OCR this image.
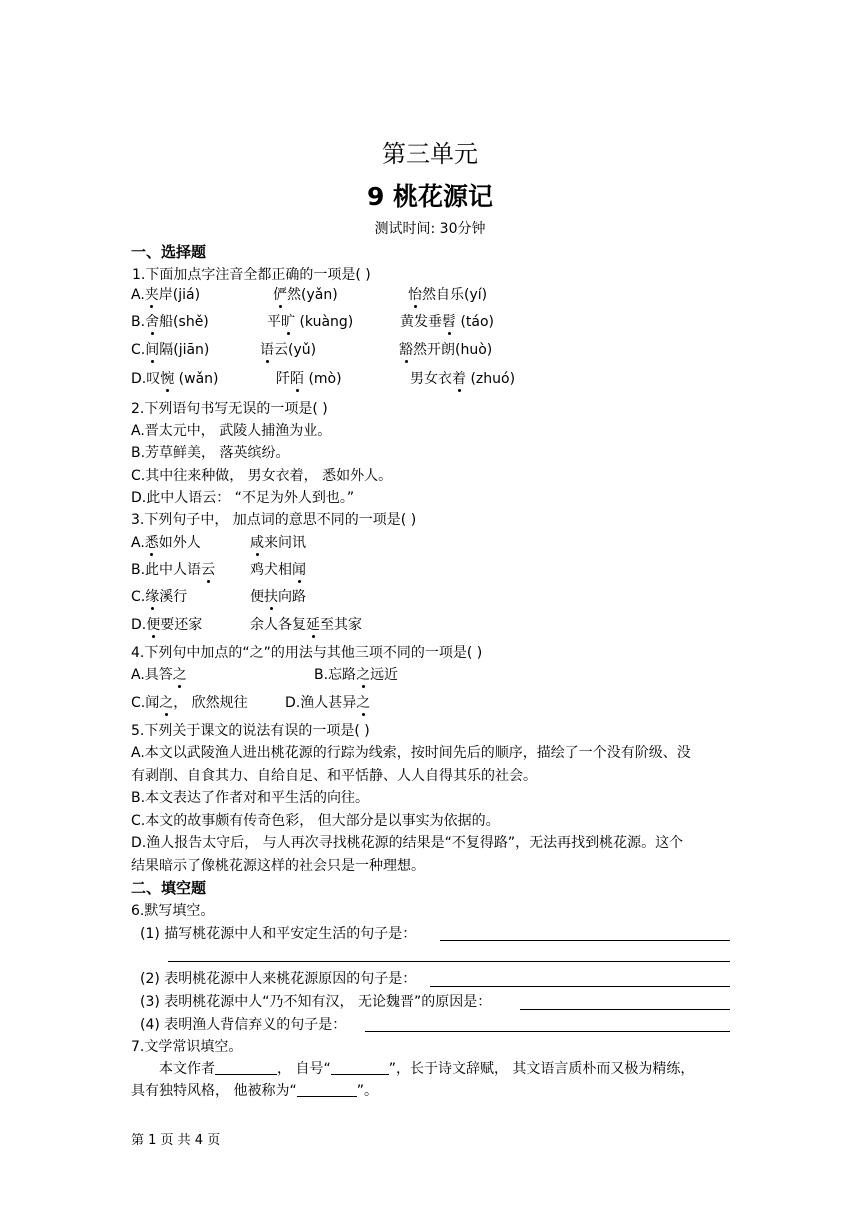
第三单元
9 桃花源记
测试时间: 30分钟
一、选择题
1.下面加点字注音全都正确的一项是( )
A.夹岸(jiá)	俨然(yǎn)	怡然自乐(yí)
B.舍船(shě)	平旷 (kuàng)	黄发垂髫 (táo)
C.间隔(jiān)	语云(yǔ)	豁然开朗(huò)
D.叹惋 (wǎn)	阡陌 (mò)	男女衣着 (zhuó)
2.下列语句书写无误的一项是( )
A.晋太元中， 武陵人捕渔为业。
B.芳草鲜美， 落英缤纷。
C.其中往来种做， 男女衣着， 悉如外人。
D.此中人语云： “不足为外人到也。”
3.下列句子中， 加点词的意思不同的一项是( )
A.悉如外人	咸来问讯
B.此中人语云 鸡犬相闻
C.缘溪行	便扶向路
D.便要还家	余人各复延至其家
4.下列句中加点的“之”的用法与其他三项不同的一项是( )
A.具答之	B.忘路之远近
C.闻之， 欣然规往	D.渔人甚异之
5.下列关于课文的说法有误的一项是( )
A.本文以武陵渔人进出桃花源的行踪为线索，按时间先后的顺序，描绘了一个没有阶级、没
有剥削、自食其力、自给自足、和平恬静、人人自得其乐的社会。
B.本文表达了作者对和平生活的向往。
C.本文的故事颇有传奇色彩， 但大部分是以事实为依据的。
D.渔人报告太守后， 与人再次寻找桃花源的结果是“不复得路”，无法再找到桃花源。这个
结果暗示了像桃花源这样的社会只是一种理想。
二、填空题
6.默写填空。
(1) 描写桃花源中人和平安定生活的句子是：
(2) 表明桃花源中人来桃花源原因的句子是：
(3) 表明桃花源中人“乃不知有汉， 无论魏晋”的原因是：
(4) 表明渔人背信弃义的句子是：
7.文学常识填空。
本文作者	， 自号“	”，长于诗文辞赋， 其文语言质朴而又极为精练，
具有独特风格， 他被称为“	”。
第 1 页 共 4 页
